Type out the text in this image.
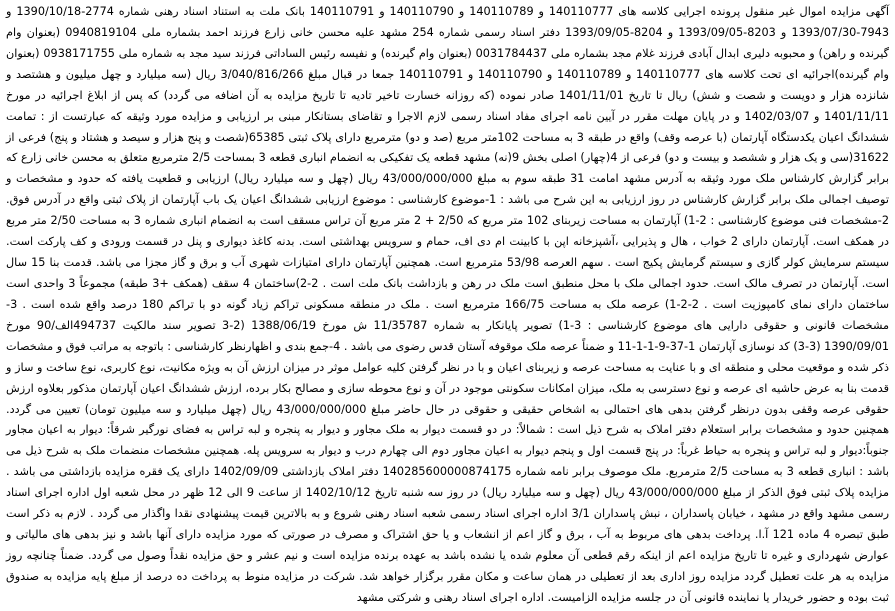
آگهی مزایده اموال غیر منقول پرونده اجرایی کلاسه های 140110777 و 140110789 و 140110790 و 140110791 بانک ملت به استناد اسناد رهنی شماره 2774-1390/10/18 و 7943-1393/07/30 و 8203-1393/09/05 و 8204-1393/09/05 دفتر اسناد رسمی شماره 254 مشهد علیه محسن خانی زارع فرزند احمد بشماره ملی 0940819104 (بعنوان وام گیرنده و راهن) و محبوبه دلیری ابدال آبادی فرزند غلام مجد بشماره ملی 0031784437 (بعنوان وام گیرنده) و نفیسه رئیس الساداتی فرزند سید مجد به شماره ملی 0938171755 (بعنوان وام گیرنده)اجرائیه ای تحت کلاسه های 140110777 و 140110789 و 140110790 و 140110791 جمعا در قبال مبلغ 3/040/816/266 ریال (سه میلیارد و چهل میلیون و هشتصد و شانزده هزار و دویست و شصت و شش) ریال تا تاریخ 1401/11/01 صادر نموده (که روزانه خسارت تاخیر تادیه تا تاریخ مزایده به آن اضافه می گردد) که پس از ابلاغ اجرائیه در مورخ 1401/11/11 و 1402/03/07 و در پایان مهلت مقرر در آیین نامه اجرای مفاد اسناد رسمی لازم الاجرا و تقاضای بستانکار مبنی بر ارزیابی و مزایده مورد وثیقه که عبارتست از : تمامت ششدانگ اعیان یکدستگاه آپارتمان (با عرصه وقف) واقع در طبقه 3 به مساحت 102متر مربع (صد و دو) مترمربع دارای پلاک ثبتی 65385(شصت و پنج هزار و سیصد و هشتاد و پنج) فرعی از 31622(سی و یک هزار و ششصد و بیست و دو) فرعی از 4(چهار) اصلی بخش 9(نه) مشهد قطعه یک تفکیکی به انضمام انباری قطعه 3 بمساحت 2/5 مترمربع متعلق به محسن خانی زارع که برابر گزارش کارشناس ملک مورد وثیقه به آدرس مشهد امامت 31 طبقه سوم به مبلغ 43/000/000/000 ریال (چهل و سه میلیارد ریال) ارزیابی و قطعیت یافته که حدود و مشخصات و توصیف اجمالی ملک برابر گزارش کارشناس در روز ارزیابی به این شرح می باشد : 1-موضوع کارشناسی : موضوع ارزیابی ششدانگ اعیان یک باب آپارتمان از پلاک ثبتی واقع در آدرس فوق. 2-مشخصات فنی موضوع کارشناسی : 2-1) آپارتمان به مساحت زیربنای 102 متر مربع که 2/50 + 2 متر مربع آن تراس مسقف است به انضمام انباری شماره 3 به مساحت 2/50 متر مربع در همکف است. آپارتمان دارای 2 خواب ، هال و پذیرایی ،آشپزخانه اپن با کابینت ام دی اف، حمام و سرویس بهداشتی است. بدنه کاغذ دیواری و پنل در قسمت ورودی و کف پارکت است. سیستم سرمایش کولر گازی و سیستم گرمایش پکیج است . سهم العرصه 53/98 مترمربع است. همچنین آپارتمان دارای امتیازات شهری آب و برق و گاز مجزا می باشد. قدمت بنا 15 سال است. آپارتمان در تصرف مالک است. حدود اجمالی ملک با محل منطبق است ملک در رهن و بازداشت بانک ملت است . 2-2)ساختمان 4 سقف (همکف +3 طبقه) مجموعاً 3 واحدی است ساختمان دارای نمای کامپوزیت است . 2-2-1) عرصه ملک به مساحت 166/75 مترمربع است . ملک در منطقه مسکونی تراکم زیاد گونه دو با تراکم 180 درصد واقع شده است . 3-مشخصات قانونی و حقوقی دارایی های موضوع کارشناسی : 3-1) تصویر پایانکار به شماره 11/35787 ش مورخ 1388/06/19 (2-3 تصویر سند مالکیت 494737الف/90 مورخ 1390/09/01 (3-3) کد نوسازی آپارتمان 1-37-9-1-1-11 و ضمناً عرصه ملک موقوفه آستان قدس رضوی می باشد . 4-جمع بندی و اظهارنظر کارشناسی : باتوجه به مراتب فوق و مشخصات ذکر شده و موقعیت محلی و منطقه ای و با عنایت به مساحت عرصه و زیربنای اعیان و با در نظر گرفتن کلیه عوامل موثر در میزان ارزش آن به ویژه مکانیت، نوع کاربری، نوع ساخت و ساز و قدمت بنا به عرض حاشیه ای عرصه و نوع دسترسی به ملک، میزان امکانات سکونتی موجود در آن و نوع محوطه سازی و مصالح بکار برده، ارزش ششدانگ اعیان آپارتمان مذکور بعلاوه ارزش حقوقی عرصه وقفی بدون درنظر گرفتن بدهی های احتمالی به اشخاص حقیقی و حقوقی در حال حاضر مبلغ 43/000/000/000 ریال (چهل میلیارد و سه میلیون تومان) تعیین می گردد. همچنین حدود و مشخصات برابر استعلام دفتر املاک به شرح ذیل است : شمالاً: در دو قسمت دیوار به ملک مجاور و دیوار به پنجره و لبه تراس به فضای نورگیر شرقاً: دیوار به اعیان مجاور جنوباً:دیوار و لبه تراس و پنجره به حیاط غرباً: در پنج قسمت اول و پنجم دیوار به اعیان مجاور دوم الی چهارم درب و دیوار به سرویس پله. همچنین مشخصات منضمات ملک به شرح ذیل می باشد : انباری قطعه 3 به مساحت 2/5 مترمربع. ملک موصوف برابر نامه شماره 140285600000874175 دفتر املاک بازداشتی 1402/09/09 دارای یک فقره مزایده بازداشتی می باشد . مزایده پلاک ثبتی فوق الذکر از مبلغ 43/000/000/000 ریال (چهل و سه میلیارد ریال) در روز سه شنبه تاریخ 1402/10/12 از ساعت 9 الی 12 ظهر در محل شعبه اول اداره اجرای اسناد رسمی مشهد واقع در مشهد ، خیابان پاسداران ، نبش پاسداران 3/1 اداره اجرای اسناد رسمی شعبه اسناد رهنی شروع و به بالاترین قیمت پیشنهادی نقدا واگذار می گردد . لازم به ذکر است طبق تبصره 4 ماده 121 آ.ا. پرداخت بدهی های مربوط به آب ، برق و گاز اعم از انشعاب و یا حق اشتراک و مصرف در صورتی که مورد مزایده دارای آنها باشد و نیز بدهی های مالیاتی و عوارض شهرداری و غیره تا تاریخ مزایده اعم از اینکه رقم قطعی آن معلوم شده یا نشده باشد به عهده برنده مزایده است و نیم عشر و حق مزایده نقداً وصول می گردد. ضمناً چنانچه روز مزایده به هر علت تعطیل گردد مزایده روز اداری بعد از تعطیلی در همان ساعت و مکان مقرر برگزار خواهد شد. شرکت در مزایده منوط به پرداخت ده درصد از مبلغ پایه مزایده به صندوق ثبت بوده و حضور خریدار یا نماینده قانونی آن در جلسه مزایده الزامیست. اداره اجرای اسناد رهنی و شرکتی مشهد
